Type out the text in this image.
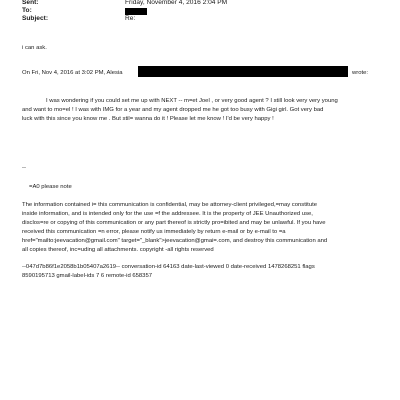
Sent:	Friday, November 4, 2016 2:04 PM
To:
Subject:	Re:
i can ask.
On Fri, Nov 4, 2016 at 3:02 PM, Alesia	wrote:
I was wondering if you could set me up with NEXT -- m=et Joel , or very good agent ? I still look very very young
and want to mo=el ! I was with IMG for a year and my agent dropped me he got too busy with Gigi girl. Got very bad
luck with this since you know me . But stil= wanna do it ! Please let me know ! I'd be very happy !
--
=A0 please note
The information contained i= this communication is confidential, may be attorney-client privileged,=may constitute
inside information, and is intended only for the use =f the addressee. It is the property of JEE Unauthorized use,
disclos=re or copying of this communication or any part thereof is strictly pro=ibited and may be unlawful. If you have
received this communication =n error, please notify us immediately by return e-mail or by e-mail to =a
href="mailto:jeevacation@gmail.com" target="_blank">jeevacation@gmai=.com, and destroy this communication and
all copies thereof, inc=uding all attachments. copyright -all rights reserved
--047d7b86f1e2058b1b05407a2619-- conversation-id 64163 date-last-viewed 0 date-received 1478268251 flags
8590195713 gmail-label-ids 7 6 remote-id 658357
